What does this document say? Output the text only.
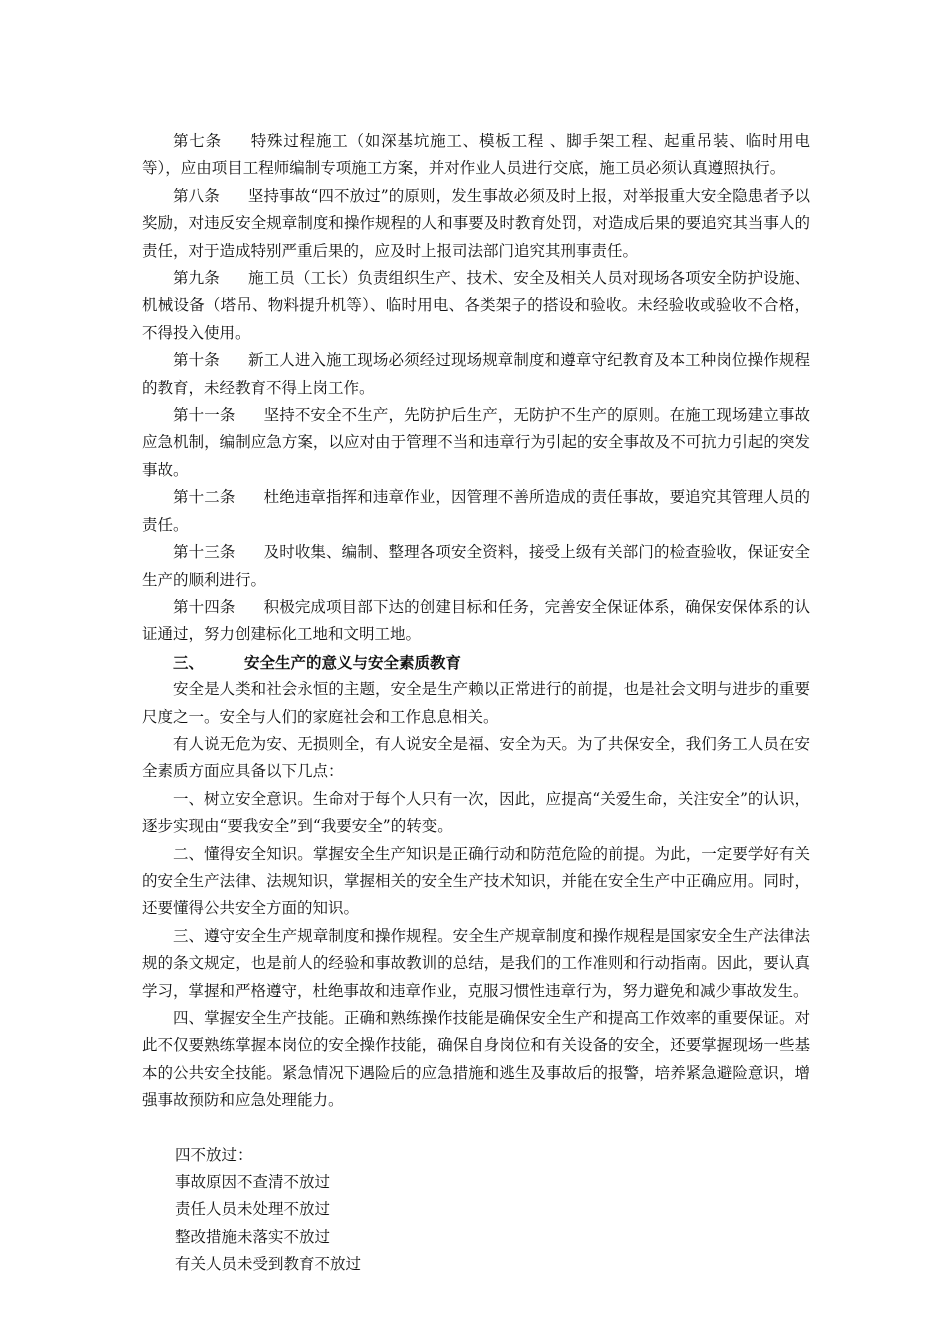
第七条 特殊过程施工（如深基坑施工、模板工程 、脚手架工程、起重吊装、临时用电等），应由项目工程师编制专项施工方案，并对作业人员进行交底，施工员必须认真遵照执行。

第八条 坚持事故“四不放过”的原则，发生事故必须及时上报，对举报重大安全隐患者予以奖励，对违反安全规章制度和操作规程的人和事要及时教育处罚，对造成后果的要追究其当事人的责任，对于造成特别严重后果的，应及时上报司法部门追究其刑事责任。

第九条 施工员（工长）负责组织生产、技术、安全及相关人员对现场各项安全防护设施、机械设备（塔吊、物料提升机等）、临时用电、各类架子的搭设和验收。未经验收或验收不合格，不得投入使用。

第十条 新工人进入施工现场必须经过现场规章制度和遵章守纪教育及本工种岗位操作规程的教育，未经教育不得上岗工作。

第十一条 坚持不安全不生产，先防护后生产，无防护不生产的原则。在施工现场建立事故应急机制，编制应急方案，以应对由于管理不当和违章行为引起的安全事故及不可抗力引起的突发事故。

第十二条 杜绝违章指挥和违章作业，因管理不善所造成的责任事故，要追究其管理人员的责任。

第十三条 及时收集、编制、整理各项安全资料，接受上级有关部门的检查验收，保证安全生产的顺利进行。

第十四条 积极完成项目部下达的创建目标和任务，完善安全保证体系，确保安保体系的认证通过，努力创建标化工地和文明工地。

三、	安全生产的意义与安全素质教育

安全是人类和社会永恒的主题，安全是生产赖以正常进行的前提，也是社会文明与进步的重要尺度之一。安全与人们的家庭社会和工作息息相关。

有人说无危为安、无损则全，有人说安全是福、安全为天。为了共保安全，我们务工人员在安全素质方面应具备以下几点：

一、树立安全意识。生命对于每个人只有一次，因此，应提高“关爱生命，关注安全”的认识，逐步实现由“要我安全”到“我要安全”的转变。

二、懂得安全知识。掌握安全生产知识是正确行动和防范危险的前提。为此，一定要学好有关的安全生产法律、法规知识，掌握相关的安全生产技术知识，并能在安全生产中正确应用。同时，还要懂得公共安全方面的知识。

三、遵守安全生产规章制度和操作规程。安全生产规章制度和操作规程是国家安全生产法律法规的条文规定，也是前人的经验和事故教训的总结，是我们的工作准则和行动指南。因此，要认真学习，掌握和严格遵守，杜绝事故和违章作业，克服习惯性违章行为，努力避免和减少事故发生。

四、掌握安全生产技能。正确和熟练操作技能是确保安全生产和提高工作效率的重要保证。对此不仅要熟练掌握本岗位的安全操作技能，确保自身岗位和有关设备的安全，还要掌握现场一些基本的公共安全技能。紧急情况下遇险后的应急措施和逃生及事故后的报警，培养紧急避险意识，增强事故预防和应急处理能力。

四不放过：

事故原因不查清不放过

责任人员未处理不放过

整改措施未落实不放过

有关人员未受到教育不放过
